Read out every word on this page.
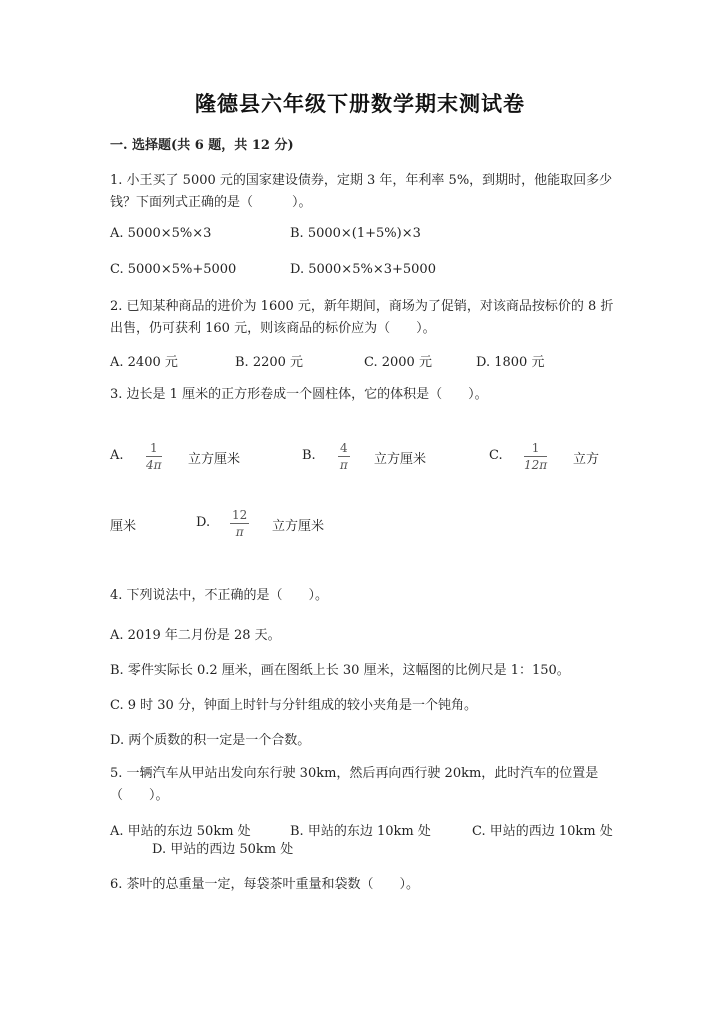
隆德县六年级下册数学期末测试卷
一. 选择题(共 6 题，共 12 分)
1. 小王买了 5000 元的国家建设债券，定期 3 年，年利率 5%，到期时，他能取回多少钱？下面列式正确的是（　　　）。
A. 5000×5%×3	B. 5000×(1+5%)×3
C. 5000×5%+5000	D. 5000×5%×3+5000
2. 已知某种商品的进价为 1600 元，新年期间，商场为了促销，对该商品按标价的 8 折出售，仍可获利 160 元，则该商品的标价应为（　　）。
A. 2400 元	B. 2200 元	C. 2000 元	D. 1800 元
3. 边长是 1 厘米的正方形卷成一个圆柱体，它的体积是（　　）。
A. 1
4π 立方厘米	B. 4
π 立方厘米	C. 1
12π 立方
厘米	D. 12
π 立方厘米
4. 下列说法中，不正确的是（　　）。
A. 2019 年二月份是 28 天。
B. 零件实际长 0.2 厘米，画在图纸上长 30 厘米，这幅图的比例尺是 1：150。
C. 9 时 30 分，钟面上时针与分针组成的较小夹角是一个钝角。
D. 两个质数的积一定是一个合数。
5. 一辆汽车从甲站出发向东行驶 30km，然后再向西行驶 20km，此时汽车的位置是（　　）。
A. 甲站的东边 50km 处	B. 甲站的东边 10km 处	C. 甲站的西边 10km 处
D. 甲站的西边 50km 处
6. 茶叶的总重量一定，每袋茶叶重量和袋数（　　）。
